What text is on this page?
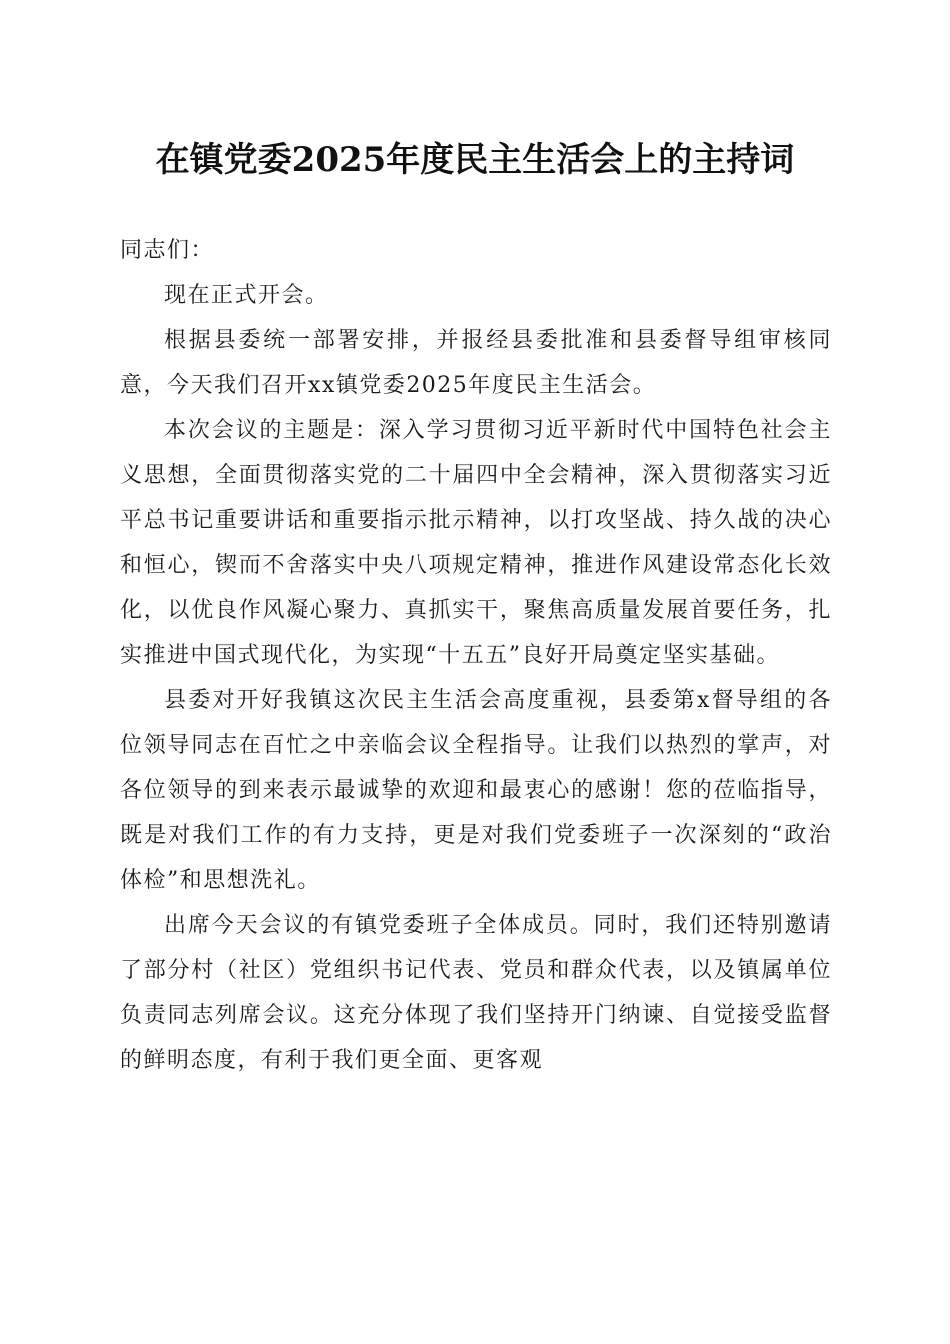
在镇党委2025年度民主生活会上的主持词

同志们：

现在正式开会。

根据县委统一部署安排，并报经县委批准和县委督导组审核同意，今天我们召开xx镇党委2025年度民主生活会。

本次会议的主题是：深入学习贯彻习近平新时代中国特色社会主义思想，全面贯彻落实党的二十届四中全会精神，深入贯彻落实习近平总书记重要讲话和重要指示批示精神，以打攻坚战、持久战的决心和恒心，锲而不舍落实中央八项规定精神，推进作风建设常态化长效化，以优良作风凝心聚力、真抓实干，聚焦高质量发展首要任务，扎实推进中国式现代化，为实现“十五五”良好开局奠定坚实基础。

县委对开好我镇这次民主生活会高度重视，县委第x督导组的各位领导同志在百忙之中亲临会议全程指导。让我们以热烈的掌声，对各位领导的到来表示最诚挚的欢迎和最衷心的感谢！您的莅临指导，既是对我们工作的有力支持，更是对我们党委班子一次深刻的“政治体检”和思想洗礼。

出席今天会议的有镇党委班子全体成员。同时，我们还特别邀请了部分村（社区）党组织书记代表、党员和群众代表，以及镇属单位负责同志列席会议。这充分体现了我们坚持开门纳谏、自觉接受监督的鲜明态度，有利于我们更全面、更客观
